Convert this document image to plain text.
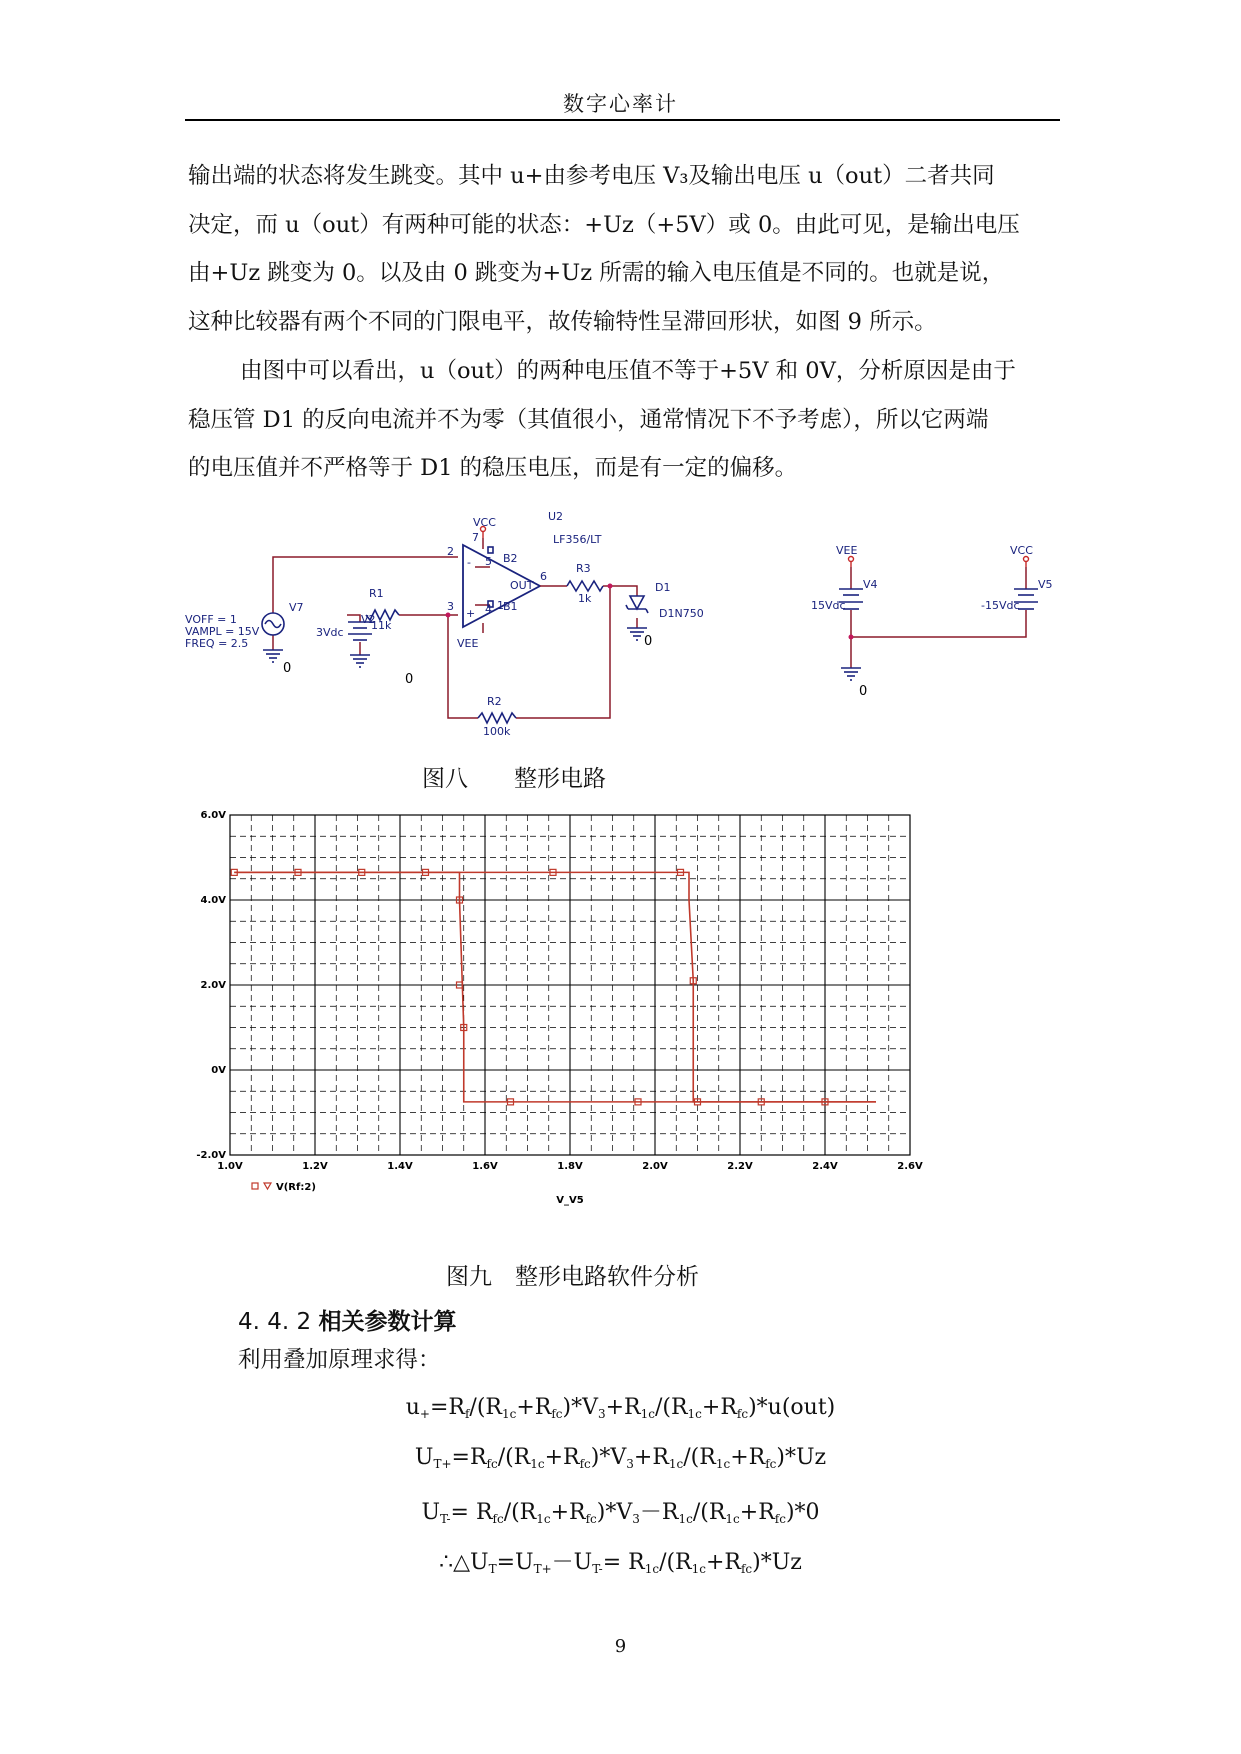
数字心率计
输出端的状态将发生跳变。其中 u+由参考电压 V₃及输出电压 u（out）二者共同
决定，而 u（out）有两种可能的状态：+Uz（+5V）或 0。由此可见，是输出电压
由+Uz 跳变为 0。以及由 0 跳变为+Uz 所需的输入电压值是不同的。也就是说，
这种比较器有两个不同的门限电平，故传输特性呈滞回形状，如图 9 所示。
由图中可以看出，u（out）的两种电压值不等于+5V 和 0V，分析原因是由于
稳压管 D1 的反向电流并不为零（其值很小，通常情况下不予考虑），所以它两端
的电压值并不严格等于 D1 的稳压电压，而是有一定的偏移。
VCC	U2
LF356/LT
2
3
7
5
4 1
6
B2
B1
OUT
-
+
R3
1k
D1
D1N750
R1
11k
V2
3Vdc
V7
VOFF = 1
VAMPL = 15V
FREQ = 2.5	VEE
R2
100k
VEE	VCC
V4
15Vdc
V5
-15Vdc
0
0
0
0
图八　　整形电路
-2.0V
0V
2.0V
4.0V
6.0V
1.0V	1.2V	1.4V	1.6V	1.8V	2.0V	2.2V	2.4V	2.6V
V(Rf:2)
V_V5
图九　整形电路软件分析
4. 4. 2 相关参数计算
利用叠加原理求得：
$u_+=R_f/(R_{1c}+R_{fc})*V_3+R_{1c}/(R_{1c}+R_{fc})*u(out)$
$U_{T+}=R_{fc}/(R_{1c}+R_{fc})*V_3+R_{1c}/(R_{1c}+R_{fc})*Uz$
$U_{T-}= R_{fc}/(R_{1c}+R_{fc})*V_3-R_{1c}/(R_{1c}+R_{fc})*0$
$\therefore\triangle U_T=U_{T+}-U_{T-}= R_{1c}/(R_{1c}+R_{fc})*Uz$
9
